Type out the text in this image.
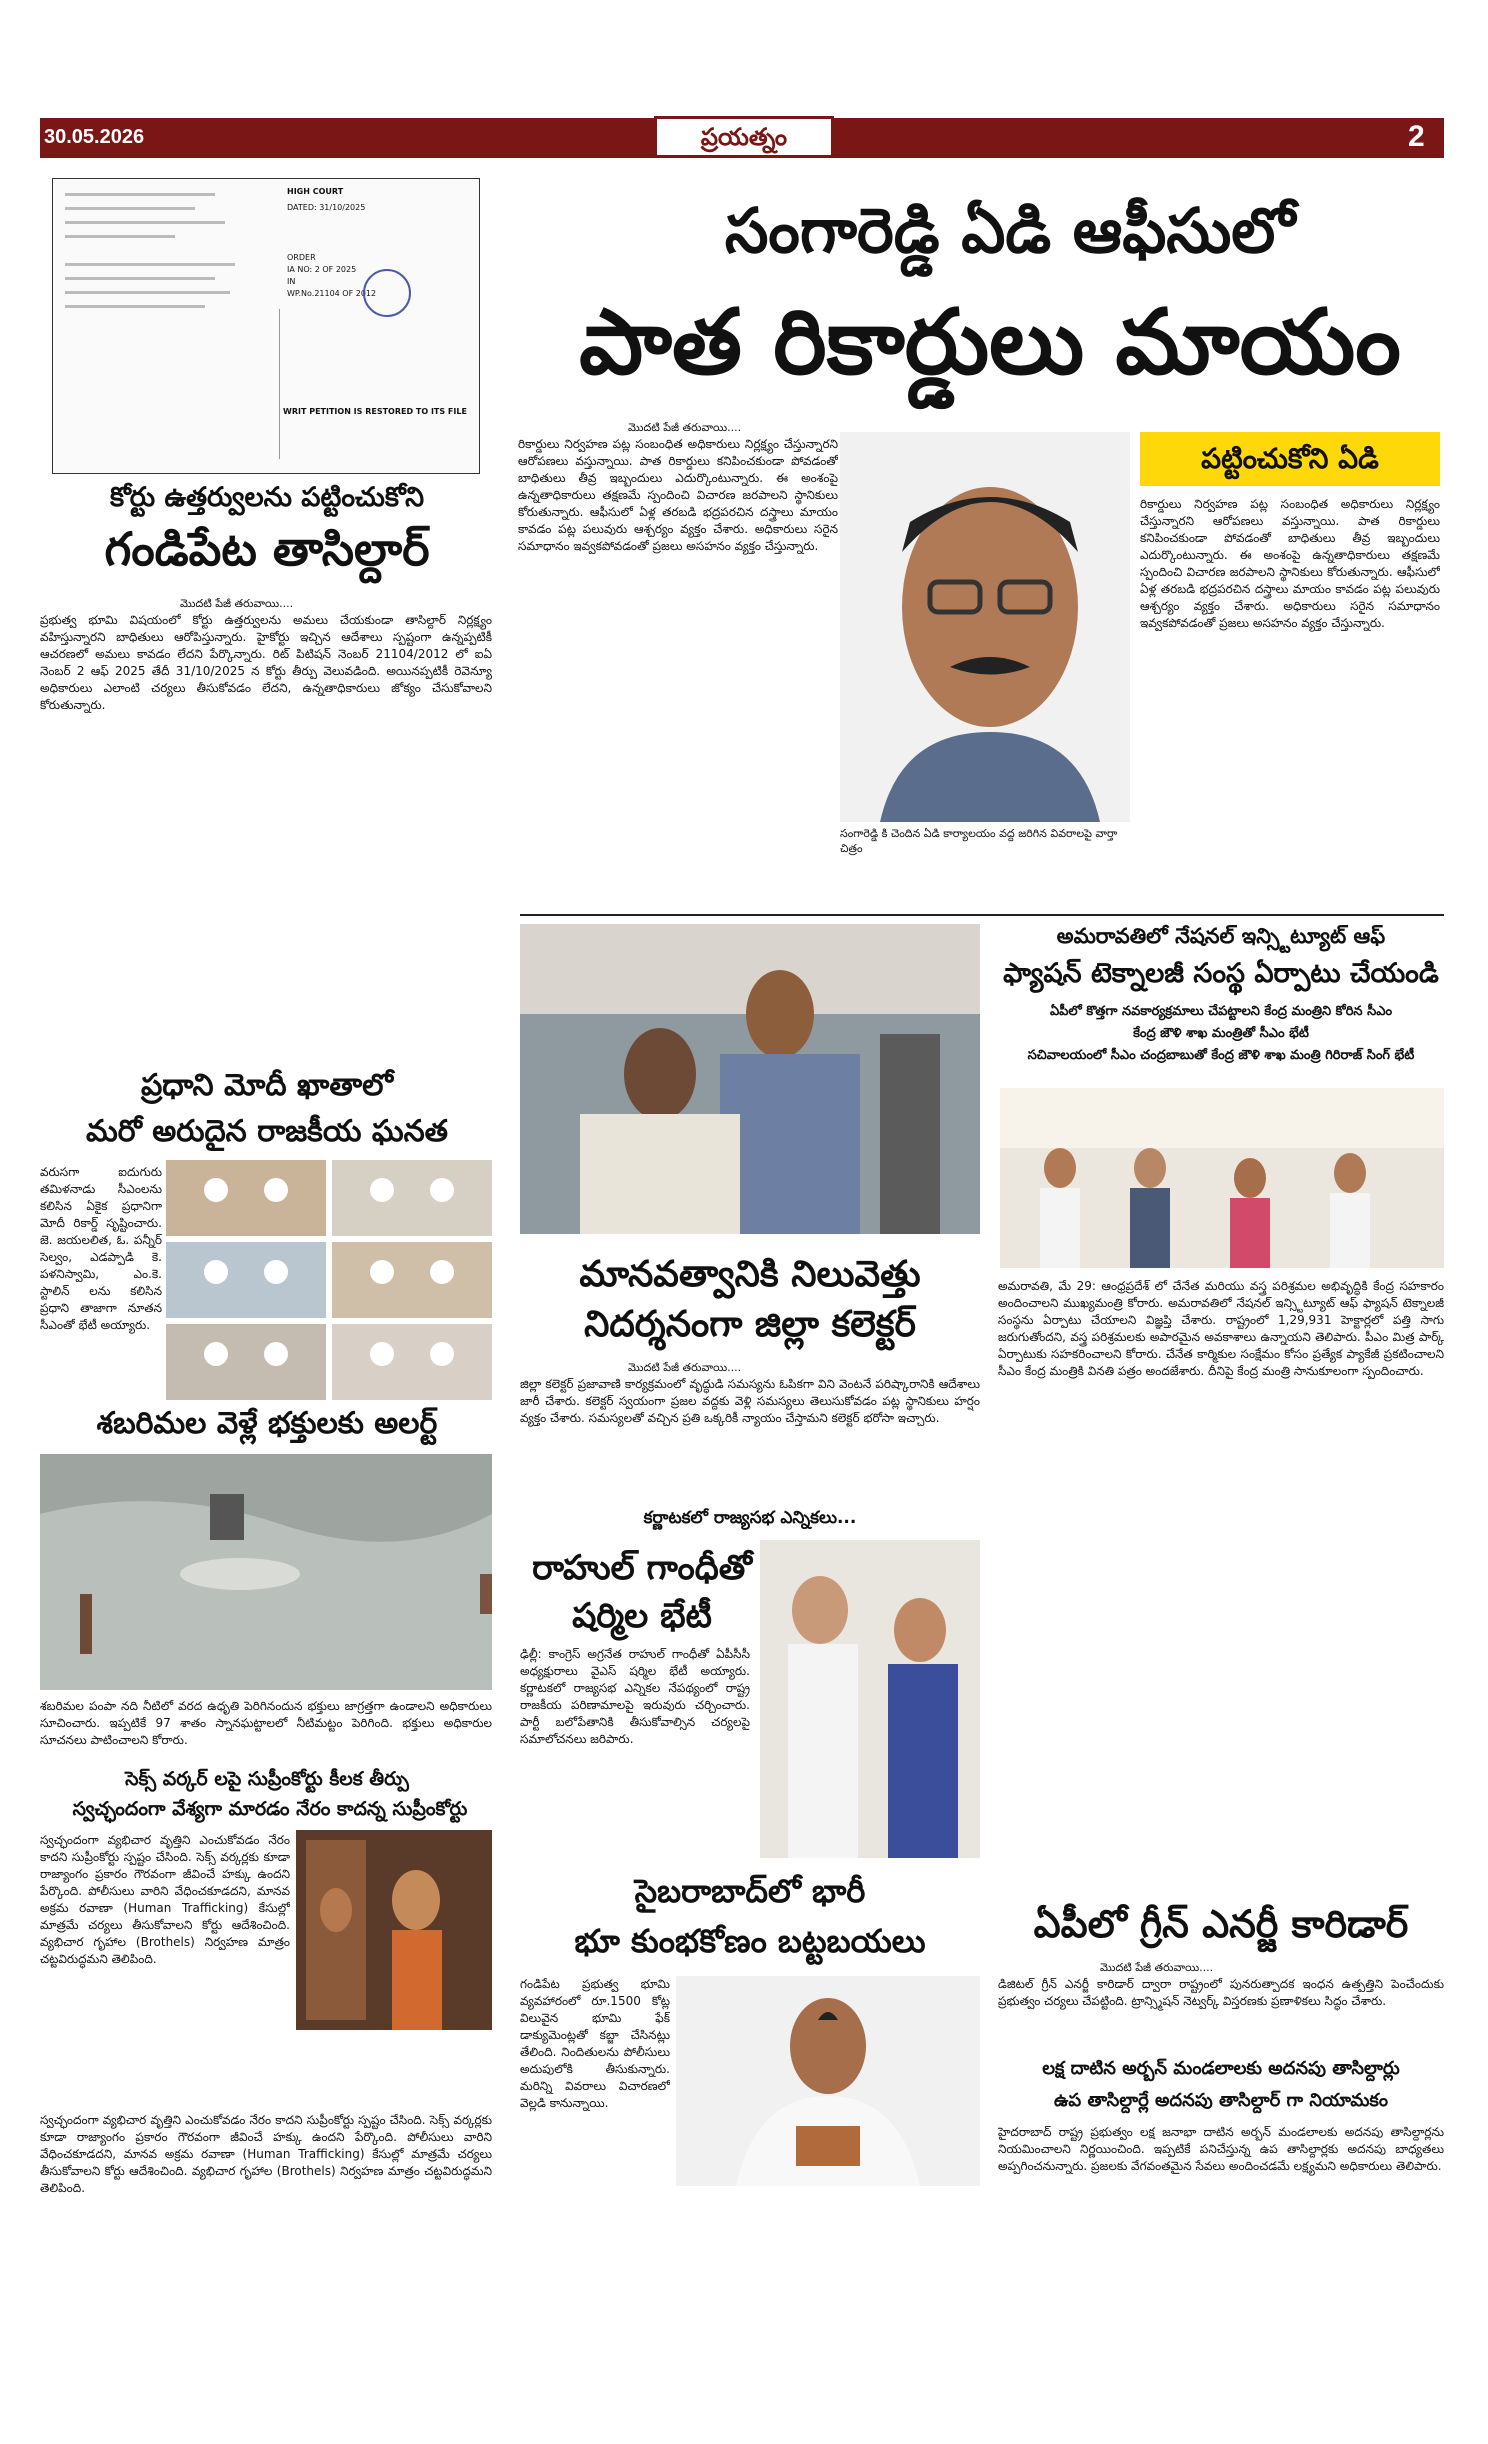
30.05.2026	ప్రయత్నం	2
HIGH COURT
DATED: 31/10/2025
ORDER
IA NO: 2 OF 2025
IN
WP.No.21104 OF 2012
WRIT PETITION IS RESTORED TO ITS FILE
సంగారెడ్డి ఏడి ఆఫీసులో
పాత రికార్డులు మాయం
కోర్టు ఉత్తర్వులను పట్టించుకోని
గండిపేట తాసిల్దార్
మొదటి పేజీ తరువాయి....
ప్రభుత్వ భూమి విషయంలో కోర్టు ఉత్తర్వులను అమలు చేయకుండా తాసిల్దార్ నిర్లక్ష్యం వహిస్తున్నారని బాధితులు ఆరోపిస్తున్నారు. హైకోర్టు ఇచ్చిన ఆదేశాలు స్పష్టంగా ఉన్నప్పటికీ ఆచరణలో అమలు కావడం లేదని పేర్కొన్నారు. రిట్ పిటిషన్ నెంబర్ 21104/2012 లో ఐఏ నెంబర్ 2 ఆఫ్ 2025 తేదీ 31/10/2025 న కోర్టు తీర్పు వెలువడింది. అయినప్పటికీ రెవెన్యూ అధికారులు ఎలాంటి చర్యలు తీసుకోవడం లేదని, ఉన్నతాధికారులు జోక్యం చేసుకోవాలని కోరుతున్నారు.
మొదటి పేజీ తరువాయి....
రికార్డులు నిర్వహణ పట్ల సంబంధిత అధికారులు నిర్లక్ష్యం చేస్తున్నారని ఆరోపణలు వస్తున్నాయి. పాత రికార్డులు కనిపించకుండా పోవడంతో బాధితులు తీవ్ర ఇబ్బందులు ఎదుర్కొంటున్నారు. ఈ అంశంపై ఉన్నతాధికారులు తక్షణమే స్పందించి విచారణ జరపాలని స్థానికులు కోరుతున్నారు. ఆఫీసులో ఏళ్ల తరబడి భద్రపరచిన దస్త్రాలు మాయం కావడం పట్ల పలువురు ఆశ్చర్యం వ్యక్తం చేశారు. అధికారులు సరైన సమాధానం ఇవ్వకపోవడంతో ప్రజలు అసహనం వ్యక్తం చేస్తున్నారు.
సంగారెడ్డి కి చెందిన ఏడి కార్యాలయం వద్ద జరిగిన వివరాలపై వార్తా చిత్రం
పట్టించుకోని ఏడి
రికార్డులు నిర్వహణ పట్ల సంబంధిత అధికారులు నిర్లక్ష్యం చేస్తున్నారని ఆరోపణలు వస్తున్నాయి. పాత రికార్డులు కనిపించకుండా పోవడంతో బాధితులు తీవ్ర ఇబ్బందులు ఎదుర్కొంటున్నారు. ఈ అంశంపై ఉన్నతాధికారులు తక్షణమే స్పందించి విచారణ జరపాలని స్థానికులు కోరుతున్నారు. ఆఫీసులో ఏళ్ల తరబడి భద్రపరచిన దస్త్రాలు మాయం కావడం పట్ల పలువురు ఆశ్చర్యం వ్యక్తం చేశారు. అధికారులు సరైన సమాధానం ఇవ్వకపోవడంతో ప్రజలు అసహనం వ్యక్తం చేస్తున్నారు.
ప్రధాని మోదీ ఖాతాలో
మరో అరుదైన రాజకీయ ఘనత
వరుసగా ఐదుగురు తమిళనాడు సీఎంలను కలిసిన ఏకైక ప్రధానిగా మోదీ రికార్డ్ సృష్టించారు. జె. జయలలిత, ఓ. పన్నీర్ సెల్వం, ఎడప్పాడి కె. పళనిస్వామి, ఎం.కె. స్టాలిన్ లను కలిసిన ప్రధాని తాజాగా నూతన సీఎంతో భేటీ అయ్యారు.
శబరిమల వెళ్లే భక్తులకు అలర్ట్
శబరిమల పంపా నది నీటిలో వరద ఉధృతి పెరిగినందున భక్తులు జాగ్రత్తగా ఉండాలని అధికారులు సూచించారు. ఇప్పటికే 97 శాతం స్నానఘట్టాలలో నీటిమట్టం పెరిగింది. భక్తులు అధికారుల సూచనలు పాటించాలని కోరారు.
సెక్స్ వర్కర్ లపై సుప్రీంకోర్టు కీలక తీర్పు
స్వచ్ఛందంగా వేశ్యగా మారడం నేరం కాదన్న సుప్రీంకోర్టు
స్వచ్ఛందంగా వ్యభిచార వృత్తిని ఎంచుకోవడం నేరం కాదని సుప్రీంకోర్టు స్పష్టం చేసింది. సెక్స్ వర్కర్లకు కూడా రాజ్యాంగం ప్రకారం గౌరవంగా జీవించే హక్కు ఉందని పేర్కొంది. పోలీసులు వారిని వేధించకూడదని, మానవ అక్రమ రవాణా (Human Trafficking) కేసుల్లో మాత్రమే చర్యలు తీసుకోవాలని కోర్టు ఆదేశించింది. వ్యభిచార గృహాల (Brothels) నిర్వహణ మాత్రం చట్టవిరుద్ధమని తెలిపింది.
స్వచ్ఛందంగా వ్యభిచార వృత్తిని ఎంచుకోవడం నేరం కాదని సుప్రీంకోర్టు స్పష్టం చేసింది. సెక్స్ వర్కర్లకు కూడా రాజ్యాంగం ప్రకారం గౌరవంగా జీవించే హక్కు ఉందని పేర్కొంది. పోలీసులు వారిని వేధించకూడదని, మానవ అక్రమ రవాణా (Human Trafficking) కేసుల్లో మాత్రమే చర్యలు తీసుకోవాలని కోర్టు ఆదేశించింది. వ్యభిచార గృహాల (Brothels) నిర్వహణ మాత్రం చట్టవిరుద్ధమని తెలిపింది.
మానవత్వానికి నిలువెత్తు
నిదర్శనంగా జిల్లా కలెక్టర్
మొదటి పేజీ తరువాయి....
జిల్లా కలెక్టర్ ప్రజావాణి కార్యక్రమంలో వృద్ధుడి సమస్యను ఓపికగా విని వెంటనే పరిష్కారానికి ఆదేశాలు జారీ చేశారు. కలెక్టర్ స్వయంగా ప్రజల వద్దకు వెళ్లి సమస్యలు తెలుసుకోవడం పట్ల స్థానికులు హర్షం వ్యక్తం చేశారు. సమస్యలతో వచ్చిన ప్రతి ఒక్కరికీ న్యాయం చేస్తామని కలెక్టర్ భరోసా ఇచ్చారు.
కర్ణాటకలో రాజ్యసభ ఎన్నికలు...
రాహుల్ గాంధీతో
షర్మిల భేటీ
ఢిల్లీ: కాంగ్రెస్ అగ్రనేత రాహుల్ గాంధీతో ఏపీసీసీ అధ్యక్షురాలు వైఎస్ షర్మిల భేటీ అయ్యారు. కర్ణాటకలో రాజ్యసభ ఎన్నికల నేపథ్యంలో రాష్ట్ర రాజకీయ పరిణామాలపై ఇరువురు చర్చించారు. పార్టీ బలోపేతానికి తీసుకోవాల్సిన చర్యలపై సమాలోచనలు జరిపారు.
సైబరాబాద్‌లో భారీ
భూ కుంభకోణం బట్టబయలు
గండిపేట ప్రభుత్వ భూమి వ్యవహారంలో రూ.1500 కోట్ల విలువైన భూమి ఫేక్ డాక్యుమెంట్లతో కబ్జా చేసినట్లు తేలింది. నిందితులను పోలీసులు అదుపులోకి తీసుకున్నారు. మరిన్ని వివరాలు విచారణలో వెల్లడి కానున్నాయి.
అమరావతిలో నేషనల్ ఇన్స్టిట్యూట్ ఆఫ్
ఫ్యాషన్ టెక్నాలజీ సంస్థ ఏర్పాటు చేయండి
ఏపీలో కొత్తగా నవకార్యక్రమాలు చేపట్టాలని కేంద్ర మంత్రిని కోరిన సీఎం
కేంద్ర జౌళి శాఖ మంత్రితో సీఎం భేటీ
సచివాలయంలో సీఎం చంద్రబాబుతో కేంద్ర జౌళి శాఖ మంత్రి గిరిరాజ్ సింగ్ భేటీ
అమరావతి, మే 29: ఆంధ్రప్రదేశ్ లో చేనేత మరియు వస్త్ర పరిశ్రమల అభివృద్ధికి కేంద్ర సహకారం అందించాలని ముఖ్యమంత్రి కోరారు. అమరావతిలో నేషనల్ ఇన్స్టిట్యూట్ ఆఫ్ ఫ్యాషన్ టెక్నాలజీ సంస్థను ఏర్పాటు చేయాలని విజ్ఞప్తి చేశారు. రాష్ట్రంలో 1,29,931 హెక్టార్లలో పత్తి సాగు జరుగుతోందని, వస్త్ర పరిశ్రమలకు అపారమైన అవకాశాలు ఉన్నాయని తెలిపారు. పీఎం మిత్ర పార్క్ ఏర్పాటుకు సహకరించాలని కోరారు. చేనేత కార్మికుల సంక్షేమం కోసం ప్రత్యేక ప్యాకేజీ ప్రకటించాలని సీఎం కేంద్ర మంత్రికి వినతి పత్రం అందజేశారు. దీనిపై కేంద్ర మంత్రి సానుకూలంగా స్పందించారు.
ఏపీలో గ్రీన్ ఎనర్జీ కారిడార్
మొదటి పేజీ తరువాయి....
డిజిటల్ గ్రీన్ ఎనర్జీ కారిడార్ ద్వారా రాష్ట్రంలో పునరుత్పాదక ఇంధన ఉత్పత్తిని పెంచేందుకు ప్రభుత్వం చర్యలు చేపట్టింది. ట్రాన్స్మిషన్ నెట్వర్క్ విస్తరణకు ప్రణాళికలు సిద్ధం చేశారు.
లక్ష దాటిన అర్బన్ మండలాలకు అదనపు తాసిల్దార్లు
ఉప తాసిల్దార్లే అదనపు తాసిల్దార్ గా నియామకం
హైదరాబాద్ రాష్ట్ర ప్రభుత్వం లక్ష జనాభా దాటిన అర్బన్ మండలాలకు అదనపు తాసిల్దార్లను నియమించాలని నిర్ణయించింది. ఇప్పటికే పనిచేస్తున్న ఉప తాసిల్దార్లకు అదనపు బాధ్యతలు అప్పగించనున్నారు. ప్రజలకు వేగవంతమైన సేవలు అందించడమే లక్ష్యమని అధికారులు తెలిపారు.
